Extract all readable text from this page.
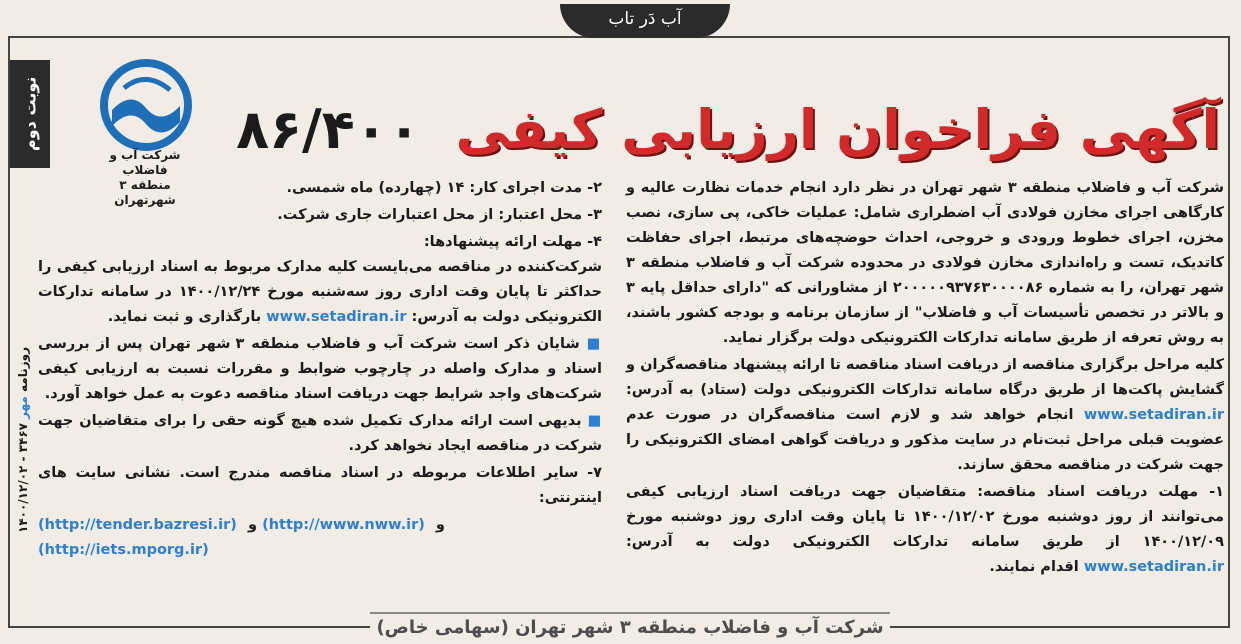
آب دَر تاب
آگهی فراخوان ارزیابی کیفی ۸۶/۴۰۰
شرکت آب و فاضلاب
منطقه ۳ شهرتهران
نوبت دوم
روزنامه

مهر

۳۴۶۷ - ۱۴۰۰/۱۲/۰۲

شرکت آب و فاضلاب منطقه ۳ شهر تهران در نظر دارد انجام خدمات نظارت عالیه و کارگاهی اجرای مخازن فولادی آب اضطراری شامل: عملیات خاکی، پی سازی، نصب مخزن، اجرای خطوط ورودی و خروجی، احداث حوضچه‌های مرتبط، اجرای حفاظت کاتدیک، تست و راه‌اندازی مخازن فولادی در محدوده شرکت آب و فاضلاب منطقه ۳ شهر تهران، را به شماره ۲۰۰۰۰۰۹۳۷۶۳۰۰۰۰۸۶ از مشاورانی که "دارای حداقل پایه ۳ و بالاتر در تخصص تأسیسات آب و فاضلاب" از سازمان برنامه و بودجه کشور باشند، به روش تعرفه از طریق سامانه تدارکات الکترونیکی دولت برگزار نماید.

کلیه مراحل برگزاری مناقصه از دریافت اسناد مناقصه تا ارائه پیشنهاد مناقصه‌گران و گشایش پاکت‌ها از طریق درگاه سامانه تدارکات الکترونیکی دولت (ستاد) به آدرس: www.setadiran.ir انجام خواهد شد و لازم است مناقصه‌گران در صورت عدم عضویت قبلی مراحل ثبت‌نام در سایت مذکور و دریافت گواهی امضای الکترونیکی را جهت شرکت در مناقصه محقق سازند.

۱- مهلت دریافت اسناد مناقصه: متقاضیان جهت دریافت اسناد ارزیابی کیفی می‌توانند از روز دوشنبه مورخ ۱۴۰۰/۱۲/۰۲ تا پایان وقت اداری روز دوشنبه مورخ ۱۴۰۰/۱۲/۰۹ از طریق سامانه تدارکات الکترونیکی دولت به آدرس: www.setadiran.ir اقدام نمایند.

۲- مدت اجرای کار: ۱۴ (چهارده) ماه شمسی.

۳- محل اعتبار: از محل اعتبارات جاری شرکت.

۴- مهلت ارائه پیشنهادها:
شرکت‌کننده در مناقصه می‌بایست کلیه مدارک مربوط به اسناد ارزیابی کیفی را حداکثر تا پایان وقت اداری روز سه‌شنبه مورخ ۱۴۰۰/۱۲/۲۴ در سامانه تدارکات الکترونیکی دولت به آدرس: www.setadiran.ir بارگذاری و ثبت نماید.

■ شایان ذکر است شرکت آب و فاضلاب منطقه ۳ شهر تهران پس از بررسی اسناد و مدارک واصله در چارچوب ضوابط و مقررات نسبت به ارزیابی کیفی شرکت‌های واجد شرایط جهت دریافت اسناد مناقصه دعوت به عمل خواهد آورد.

■ بدیهی است ارائه مدارک تکمیل شده هیچ گونه حقی را برای متقاضیان جهت شرکت در مناقصه ایجاد نخواهد کرد.

۷- سایر اطلاعات مربوطه در اسناد مناقصه مندرج است. نشانی سایت های اینترنتی:

(http://tender.bazresi.ir) و (http://www.nww.ir) و (http://iets.mporg.ir)

شرکت آب و فاضلاب منطقه ۳ شهر تهران (سهامی خاص)
